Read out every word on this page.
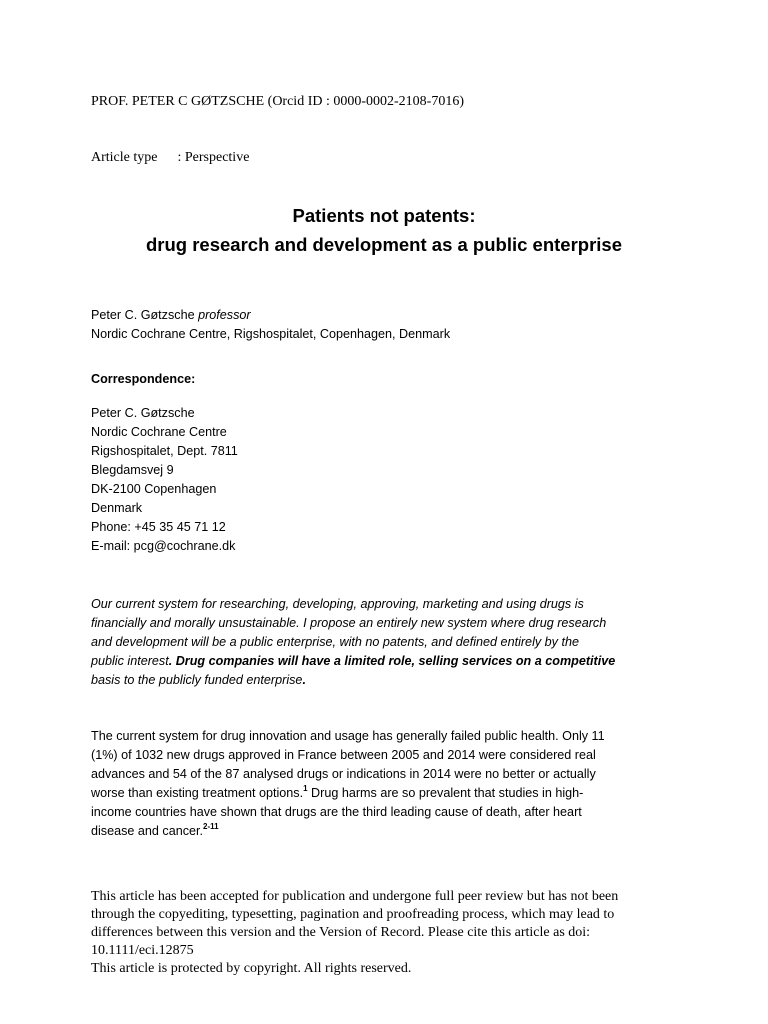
PROF. PETER C GØTZSCHE (Orcid ID : 0000-0002-2108-7016)
Article type : Perspective
Patients not patents:
drug research and development as a public enterprise
Peter C. Gøtzsche professor
Nordic Cochrane Centre, Rigshospitalet, Copenhagen, Denmark
Correspondence:
Peter C. Gøtzsche
Nordic Cochrane Centre
Rigshospitalet, Dept. 7811
Blegdamsvej 9
DK-2100 Copenhagen
Denmark
Phone: +45 35 45 71 12
E-mail: pcg@cochrane.dk
Our current system for researching, developing, approving, marketing and using drugs is
financially and morally unsustainable. I propose an entirely new system where drug research
and development will be a public enterprise, with no patents, and defined entirely by the
public interest. Drug companies will have a limited role, selling services on a competitive
basis to the publicly funded enterprise.
The current system for drug innovation and usage has generally failed public health. Only 11
(1%) of 1032 new drugs approved in France between 2005 and 2014 were considered real
advances and 54 of the 87 analysed drugs or indications in 2014 were no better or actually
worse than existing treatment options.$^1$ Drug harms are so prevalent that studies in high-
income countries have shown that drugs are the third leading cause of death, after heart
disease and cancer.$^{2-11}$
This article has been accepted for publication and undergone full peer review but has not been
through the copyediting, typesetting, pagination and proofreading process, which may lead to
differences between this version and the Version of Record. Please cite this article as doi:
10.1111/eci.12875
This article is protected by copyright. All rights reserved.
